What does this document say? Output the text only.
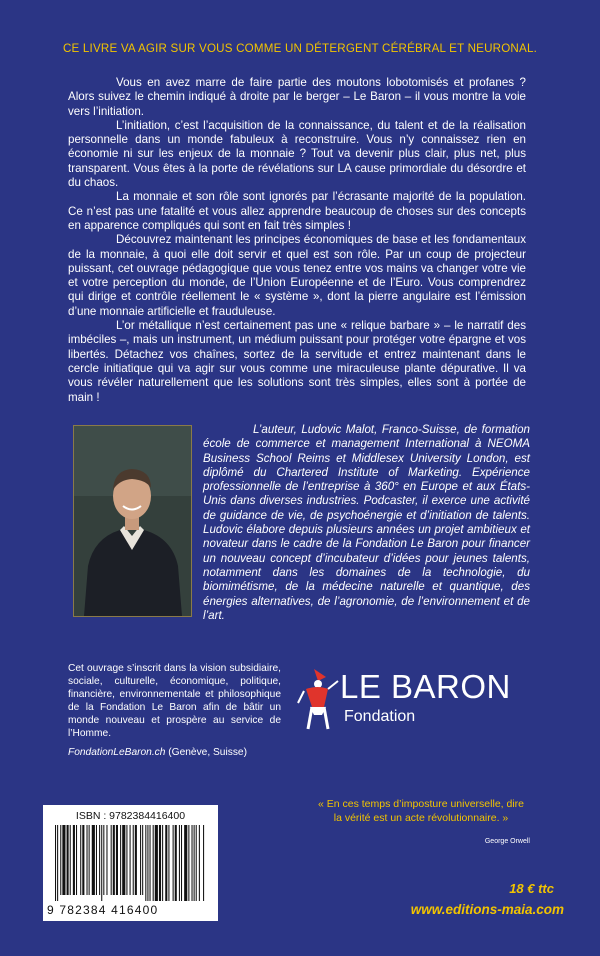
CE LIVRE VA AGIR SUR VOUS COMME UN DÉTERGENT CÉRÉBRAL ET NEURONAL.

Vous en avez marre de faire partie des moutons lobotomisés et profanes ? Alors suivez le chemin indiqué à droite par le berger – Le Baron – il vous montre la voie vers l’initiation.

L’initiation, c’est l’acquisition de la connaissance, du talent et de la réalisation personnelle dans un monde fabuleux à reconstruire. Vous n’y connaissez rien en économie ni sur les enjeux de la monnaie ? Tout va devenir plus clair, plus net, plus transparent. Vous êtes à la porte de révélations sur LA cause primordiale du désordre et du chaos.

La monnaie et son rôle sont ignorés par l’écrasante majorité de la population. Ce n’est pas une fatalité et vous allez apprendre beaucoup de choses sur des concepts en apparence compliqués qui sont en fait très simples !

Découvrez maintenant les principes économiques de base et les fondamentaux de la monnaie, à quoi elle doit servir et quel est son rôle. Par un coup de projecteur puissant, cet ouvrage pédagogique que vous tenez entre vos mains va changer votre vie et votre perception du monde, de l’Union Européenne et de l’Euro. Vous comprendrez qui dirige et contrôle réellement le « système », dont la pierre angulaire est l’émission d’une monnaie artificielle et frauduleuse.

L’or métallique n’est certainement pas une « relique barbare » – le narratif des imbéciles –, mais un instrument, un médium puissant pour protéger votre épargne et vos libertés. Détachez vos chaînes, sortez de la servitude et entrez maintenant dans le cercle initiatique qui va agir sur vous comme une miraculeuse plante dépurative. Il va vous révéler naturellement que les solutions sont très simples, elles sont à portée de main !

L’auteur, Ludovic Malot, Franco-Suisse, de formation école de commerce et management International à NEOMA Business School Reims et Middlesex University London, est diplômé du Chartered Institute of Marketing. Expérience professionnelle de l’entreprise à 360° en Europe et aux États-Unis dans diverses industries. Podcaster, il exerce une activité de guidance de vie, de psychoénergie et d’initiation de talents. Ludovic élabore depuis plusieurs années un projet ambitieux et novateur dans le cadre de la Fondation Le Baron pour financer un nouveau concept d’incubateur d’idées pour jeunes talents, notamment dans les domaines de la technologie, du biomimétisme, de la médecine naturelle et quantique, des énergies alternatives, de l’agronomie, de l’environnement et de l’art.

Cet ouvrage s’inscrit dans la vision subsidiaire, sociale, culturelle, économique, politique, financière, environnementale et philosophique de la Fondation Le Baron afin de bâtir un monde nouveau et prospère au service de l’Homme.

FondationLeBaron.ch (Genève, Suisse)

LE BARON
Fondation
ISBN : 9782384416400
9 782384 416400

« En ces temps d’imposture universelle, dire

la vérité est un acte révolutionnaire. »

George Orwell
18 € ttc
www.editions-maia.com
